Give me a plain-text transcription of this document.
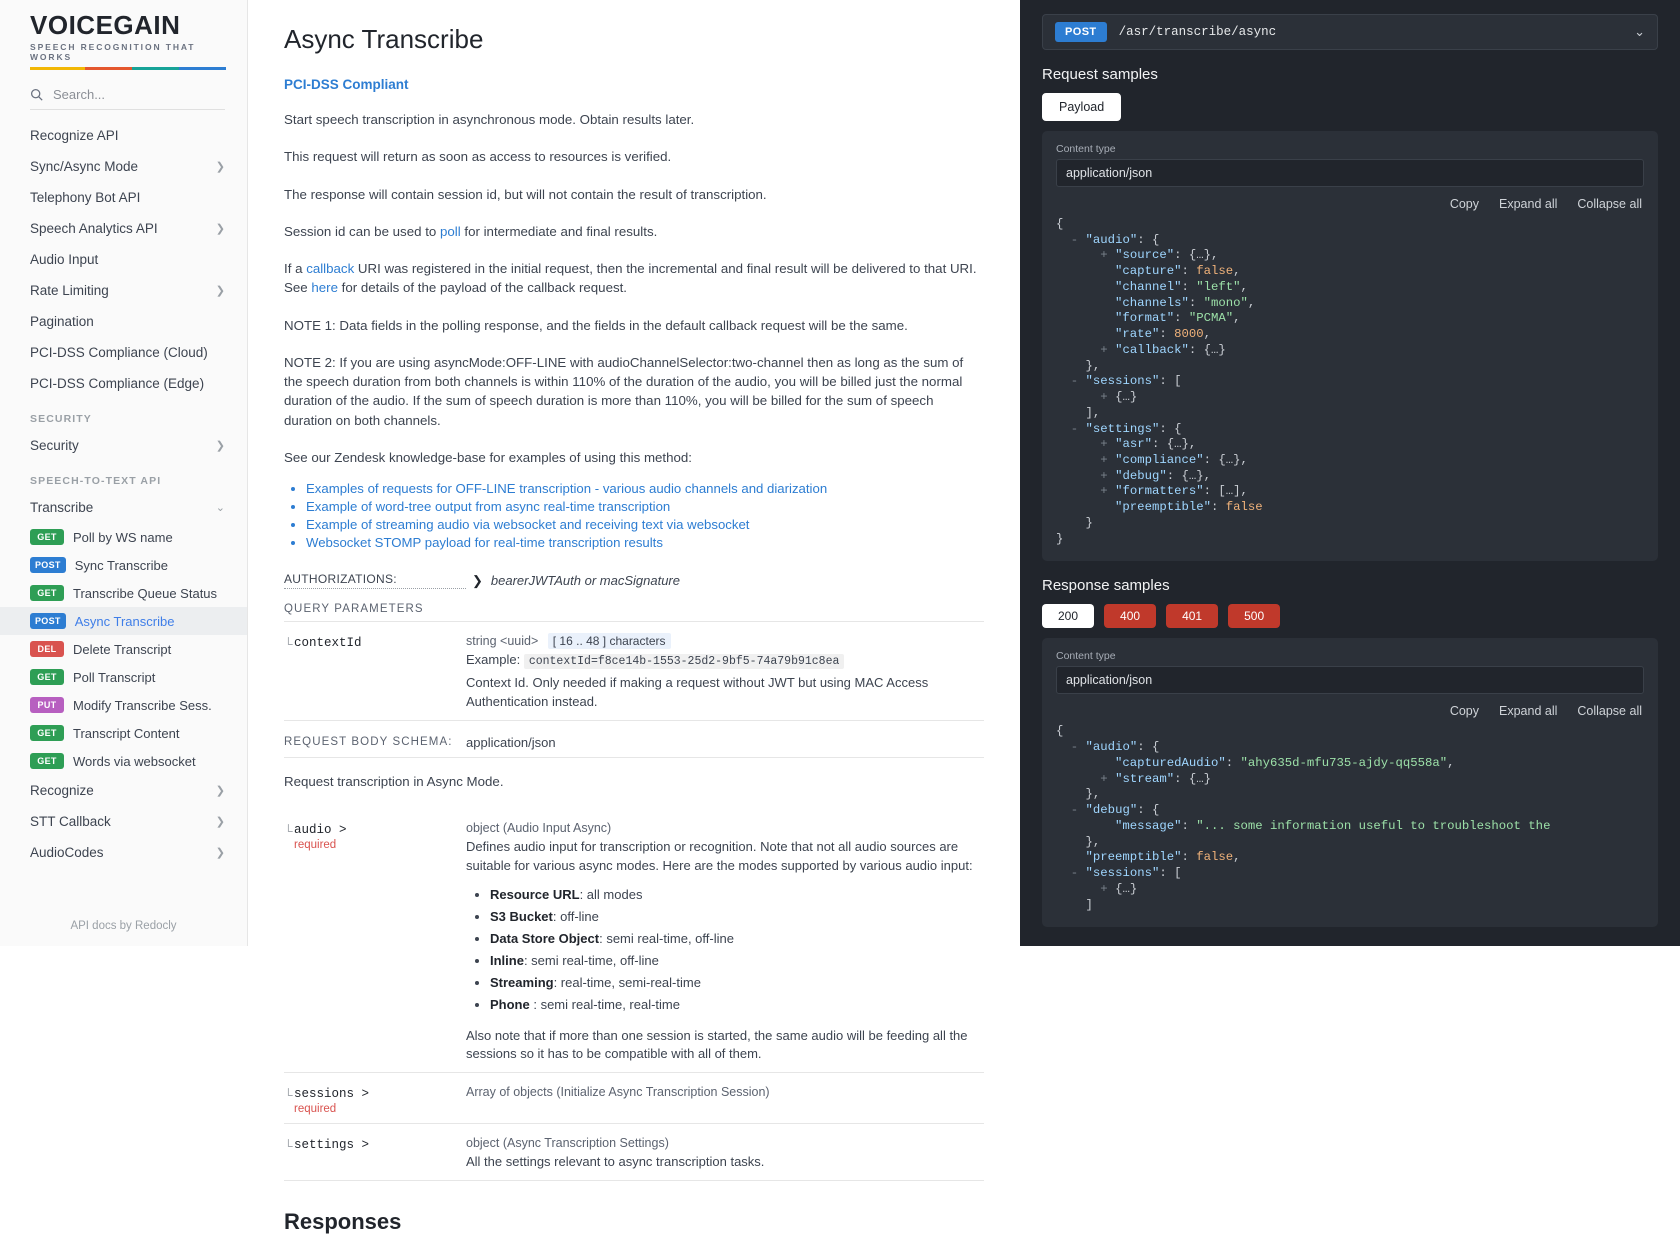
VOICEGAIN
SPEECH RECOGNITION THAT WORKS
Search...
Recognize API
Sync/Async Mode	❯
Telephony Bot API
Speech Analytics API	❯
Audio Input
Rate Limiting	❯
Pagination
PCI-DSS Compliance (Cloud)
PCI-DSS Compliance (Edge)
SECURITY
Security	❯
SPEECH-TO-TEXT API
Transcribe	⌄
GET	Poll by WS name
POST	Sync Transcribe
GET	Transcribe Queue Status
POST	Async Transcribe
DEL	Delete Transcript
GET	Poll Transcript
PUT	Modify Transcribe Sess.
GET	Transcript Content
GET	Words via websocket
Recognize	❯
STT Callback	❯
AudioCodes	❯
API docs by Redocly
Async Transcribe
PCI-DSS Compliant

Start speech transcription in asynchronous mode. Obtain results later.

This request will return as soon as access to resources is verified.

The response will contain session id, but will not contain the result of transcription.

Session id can be used to poll for intermediate and final results.

If a callback URI was registered in the initial request, then the incremental and final result will be delivered to that URI. See here for details of the payload of the callback request.

NOTE 1: Data fields in the polling response, and the fields in the default callback request will be the same.

NOTE 2: If you are using asyncMode:OFF-LINE with audioChannelSelector:two-channel then as long as the sum of the speech duration from both channels is within 110% of the duration of the audio, you will be billed just the normal duration of the audio. If the sum of speech duration is more than 110%, you will be billed for the sum of speech duration on both channels.

See our Zendesk knowledge-base for examples of using this method:

• Examples of requests for OFF-LINE transcription - various audio channels and diarization
• Example of word-tree output from async real-time transcription
• Example of streaming audio via websocket and receiving text via websocket
• Websocket STOMP payload for real-time transcription results
AUTHORIZATIONS:	❯ bearerJWTAuth or macSignature
QUERY PARAMETERS
└ contextId	string <uuid> [ 16 .. 48 ] characters
Example: contextId=f8ce14b-1553-25d2-9bf5-74a79b91c8ea
Context Id. Only needed if making a request without JWT but using MAC Access Authentication instead.
REQUEST BODY SCHEMA:	application/json

Request transcription in Async Mode.

└ audio >
required
object (Audio Input Async)
Defines audio input for transcription or recognition. Note that not all audio sources are suitable for various async modes. Here are the modes supported by various audio input:
• Resource URL: all modes
• S3 Bucket: off-line
• Data Store Object: semi real-time, off-line
• Inline: semi real-time, off-line
• Streaming: real-time, semi-real-time
• Phone : semi real-time, real-time
Also note that if more than one session is started, the same audio will be feeding all the sessions so it has to be compatible with all of them.
└ sessions >
required
Array of objects (Initialize Async Transcription Session)
└ settings >	object (Async Transcription Settings)
All the settings relevant to async transcription tasks.
Responses
POST	/asr/transcribe/async	⌄
Request samples
Payload
Content type
application/json
Copy Expand all Collapse all
{
- "audio": {
+ "source": {…},
"capture": false,
"channel": "left",
"channels": "mono",
"format": "PCMA",
"rate": 8000,
+ "callback": {…}
},
- "sessions": [
+ {…}
],
- "settings": {
+ "asr": {…},
+ "compliance": {…},
+ "debug": {…},
+ "formatters": […],
"preemptible": false
}
}
Response samples
200	400	401	500
Content type
application/json
Copy Expand all Collapse all
{
- "audio": {
"capturedAudio": "ahy635d-mfu735-ajdy-qq558a",
+ "stream": {…}
},
- "debug": {
"message": "... some information useful to troubleshoot the
},
"preemptible": false,
- "sessions": [
+ {…}
]
